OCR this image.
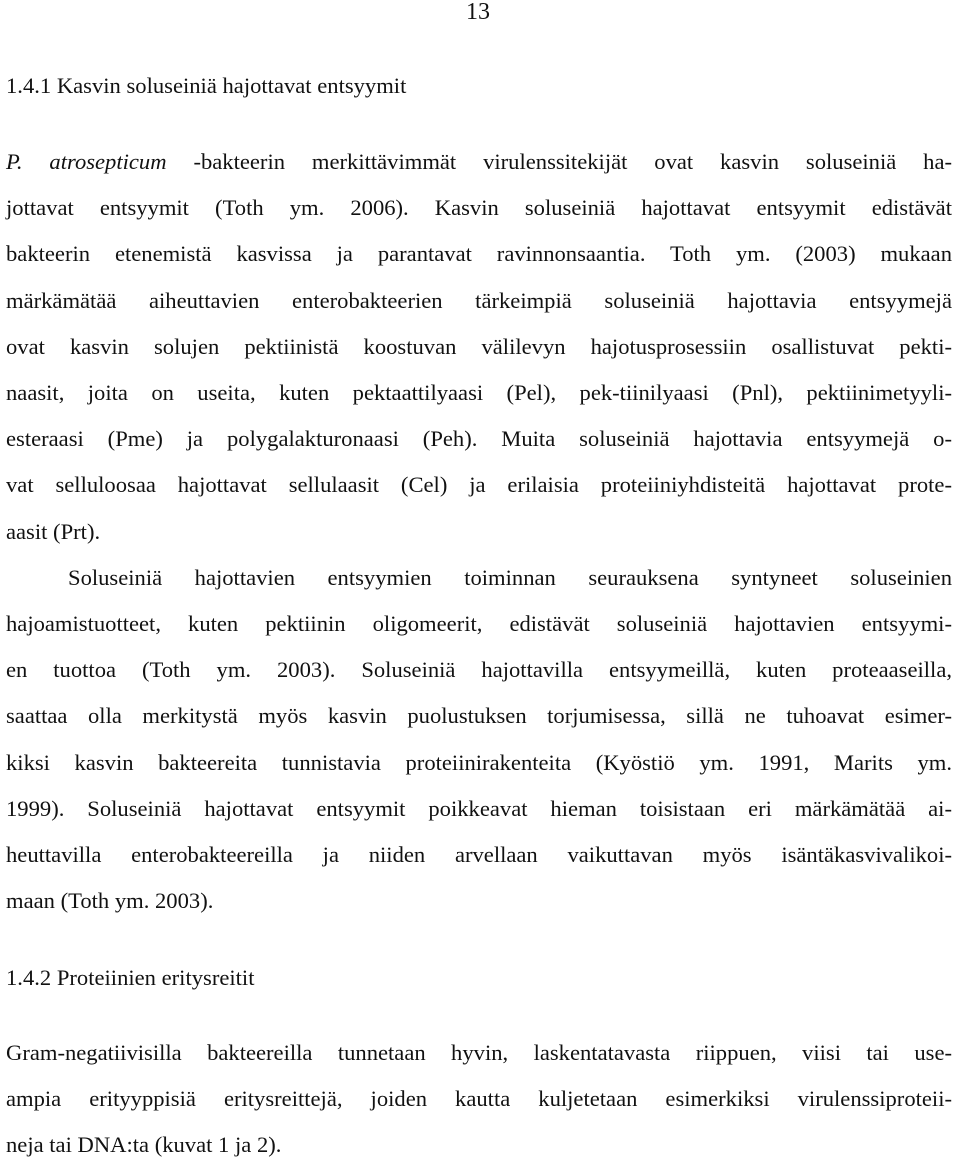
13
1.4.1 Kasvin soluseiniä hajottavat entsyymit
P. atrosepticum -bakteerin merkittävimmät virulenssitekijät ovat kasvin soluseiniä ha-
jottavat entsyymit (Toth ym. 2006). Kasvin soluseiniä hajottavat entsyymit edistävät
bakteerin etenemistä kasvissa ja parantavat ravinnonsaantia. Toth ym. (2003) mukaan
märkämätää aiheuttavien enterobakteerien tärkeimpiä soluseiniä hajottavia entsyymejä
ovat kasvin solujen pektiinistä koostuvan välilevyn hajotusprosessiin osallistuvat pekti-
naasit, joita on useita, kuten pektaattilyaasi (Pel), pek-tiinilyaasi (Pnl), pektiinimetyyli-
esteraasi (Pme) ja polygalakturonaasi (Peh). Muita soluseiniä hajottavia entsyymejä o-
vat selluloosaa hajottavat sellulaasit (Cel) ja erilaisia proteiiniyhdisteitä hajottavat prote-
aasit (Prt).
Soluseiniä hajottavien entsyymien toiminnan seurauksena syntyneet soluseinien
hajoamistuotteet, kuten pektiinin oligomeerit, edistävät soluseiniä hajottavien entsyymi-
en tuottoa (Toth ym. 2003). Soluseiniä hajottavilla entsyymeillä, kuten proteaaseilla,
saattaa olla merkitystä myös kasvin puolustuksen torjumisessa, sillä ne tuhoavat esimer-
kiksi kasvin bakteereita tunnistavia proteiinirakenteita (Kyöstiö ym. 1991, Marits ym.
1999). Soluseiniä hajottavat entsyymit poikkeavat hieman toisistaan eri märkämätää ai-
heuttavilla enterobakteereilla ja niiden arvellaan vaikuttavan myös isäntäkasvivalikoi-
maan (Toth ym. 2003).
1.4.2 Proteiinien eritysreitit
Gram-negatiivisilla bakteereilla tunnetaan hyvin, laskentatavasta riippuen, viisi tai use-
ampia erityyppisiä eritysreittejä, joiden kautta kuljetetaan esimerkiksi virulenssiproteii-
neja tai DNA:ta (kuvat 1 ja 2).
